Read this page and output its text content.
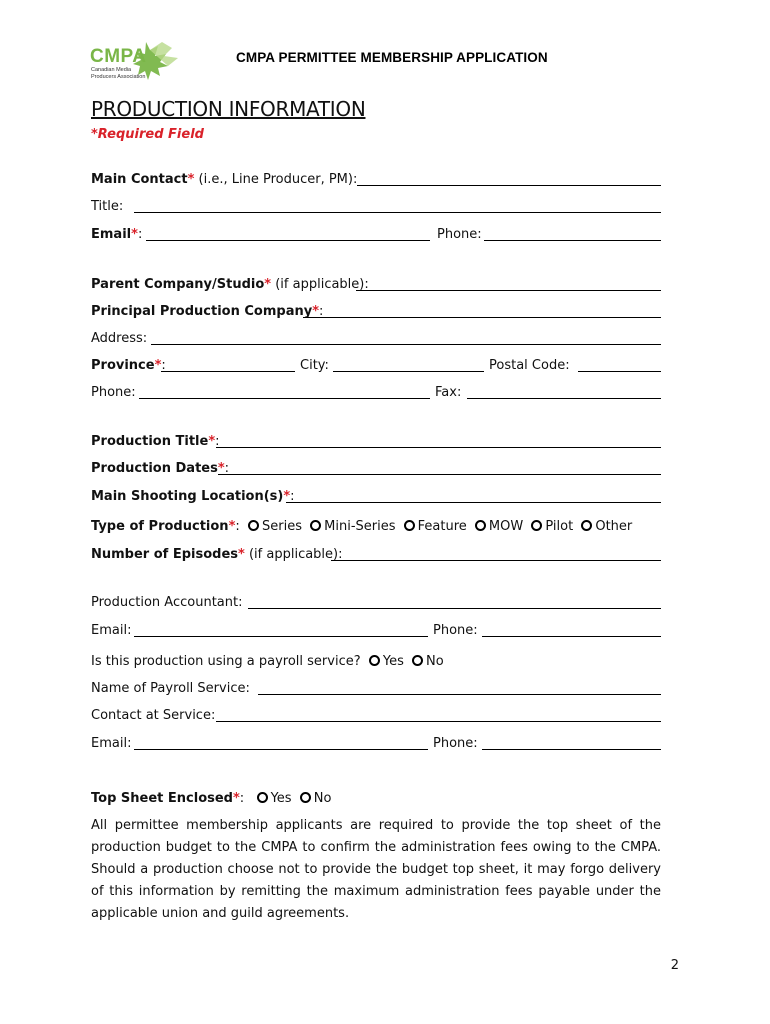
CMPA
Canadian Media
Producers Association
CMPA PERMITTEE MEMBERSHIP APPLICATION
PRODUCTION INFORMATION
*Required Field
Main Contact* (i.e., Line Producer, PM):
Title:
Email*:	Phone:
Parent Company/Studio* (if applicable):
Principal Production Company*:
Address:
Province*:	City:	Postal Code:
Phone:	Fax:
Production Title*:
Production Dates*:
Main Shooting Location(s)*:
Type of Production*: Series Mini-Series Feature MOW Pilot Other
Number of Episodes* (if applicable):
Production Accountant:
Email:	Phone:
Is this production using a payroll service? Yes No
Name of Payroll Service:
Contact at Service:
Email:	Phone:
Top Sheet Enclosed*: Yes No
All permittee membership applicants are required to provide the top sheet of the production budget to the CMPA to confirm the administration fees owing to the CMPA. Should a production choose not to provide the budget top sheet, it may forgo delivery of this information by remitting the maximum administration fees payable under the applicable union and guild agreements.
2
